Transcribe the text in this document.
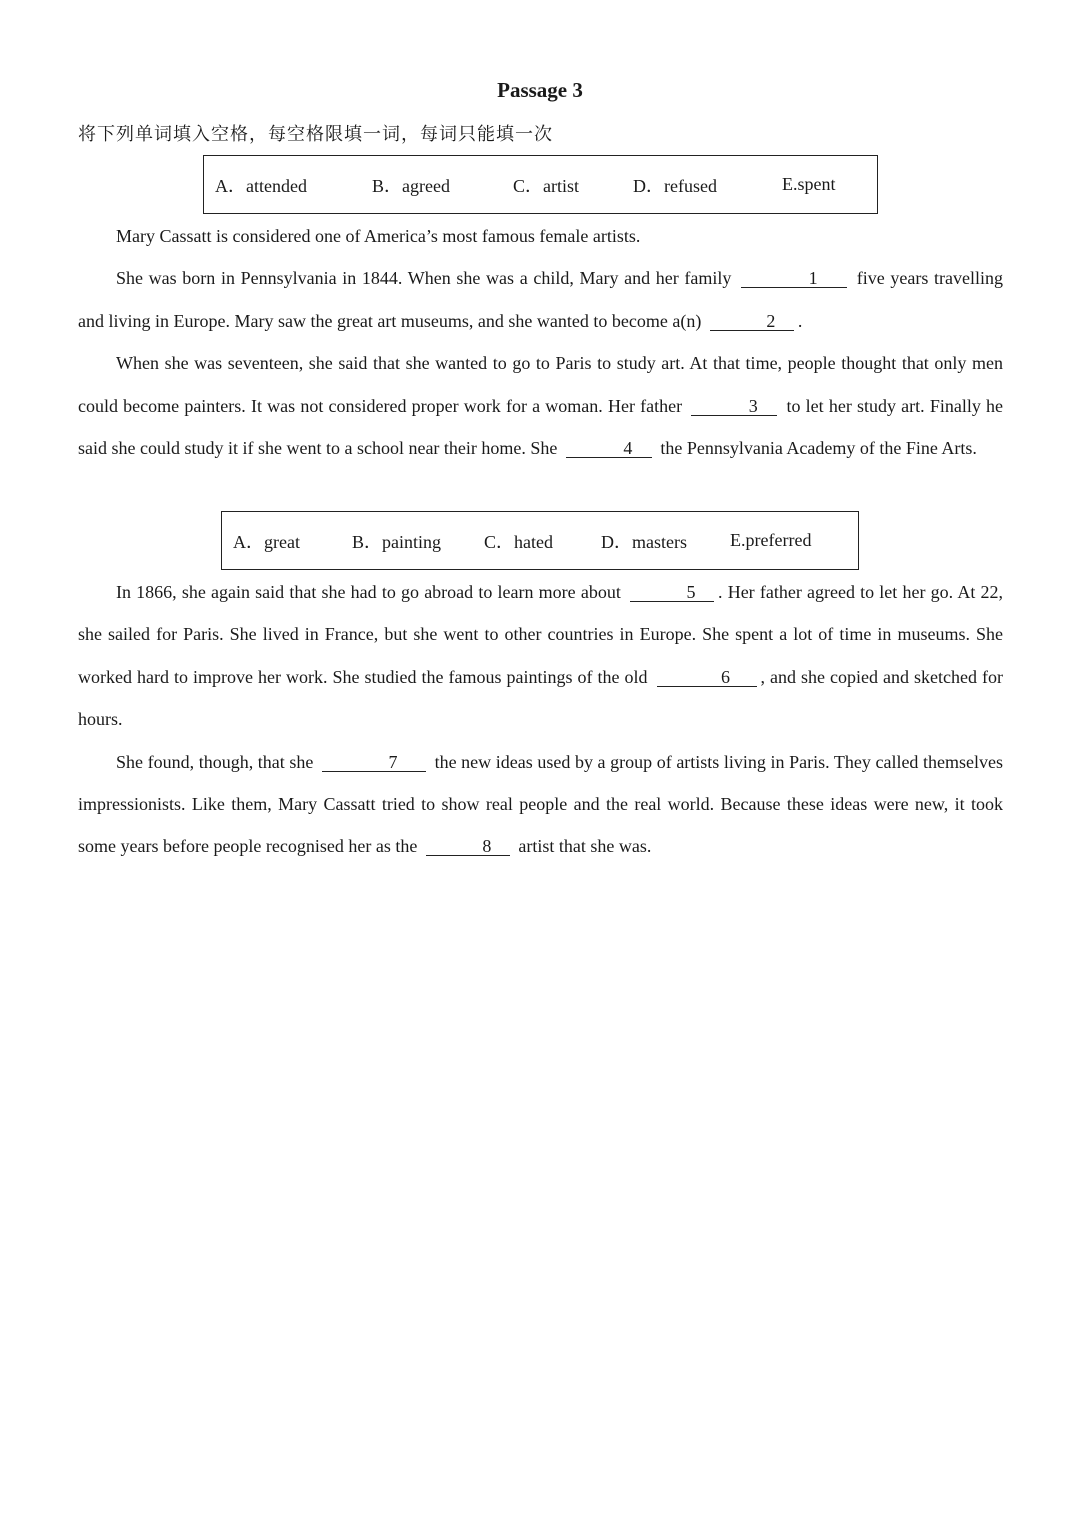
Passage 3
将下列单词填入空格，每空格限填一词，每词只能填一次
A．attended	B．agreed	C．artist	D．refused	E.spent

Mary Cassatt is considered one of America’s most famous female artists.

She was born in Pennsylvania in 1844. When she was a child, Mary and her family	1 five years travelling and living in Europe. Mary saw the great art museums, and she wanted to become a(n)	2 .

When she was seventeen, she said that she wanted to go to Paris to study art. At that time, people thought that only men could become painters. It was not considered proper work for a woman. Her father	3 to let her study art. Finally he said she could study it if she went to a school near their home. She	4 the Pennsylvania Academy of the Fine Arts.

A．great	B．painting C．hated	D．masters E.preferred

In 1866, she again said that she had to go abroad to learn more about	5 . Her father agreed to let her go. At 22, she sailed for Paris. She lived in France, but she went to other countries in Europe. She spent a lot of time in museums. She worked hard to improve her work. She studied the famous paintings of the old	6 , and she copied and sketched for hours.

She found, though, that she	7 the new ideas used by a group of artists living in Paris. They called themselves impressionists. Like them, Mary Cassatt tried to show real people and the real world. Because these ideas were new, it took some years before people recognised her as the	8 artist that she was.
